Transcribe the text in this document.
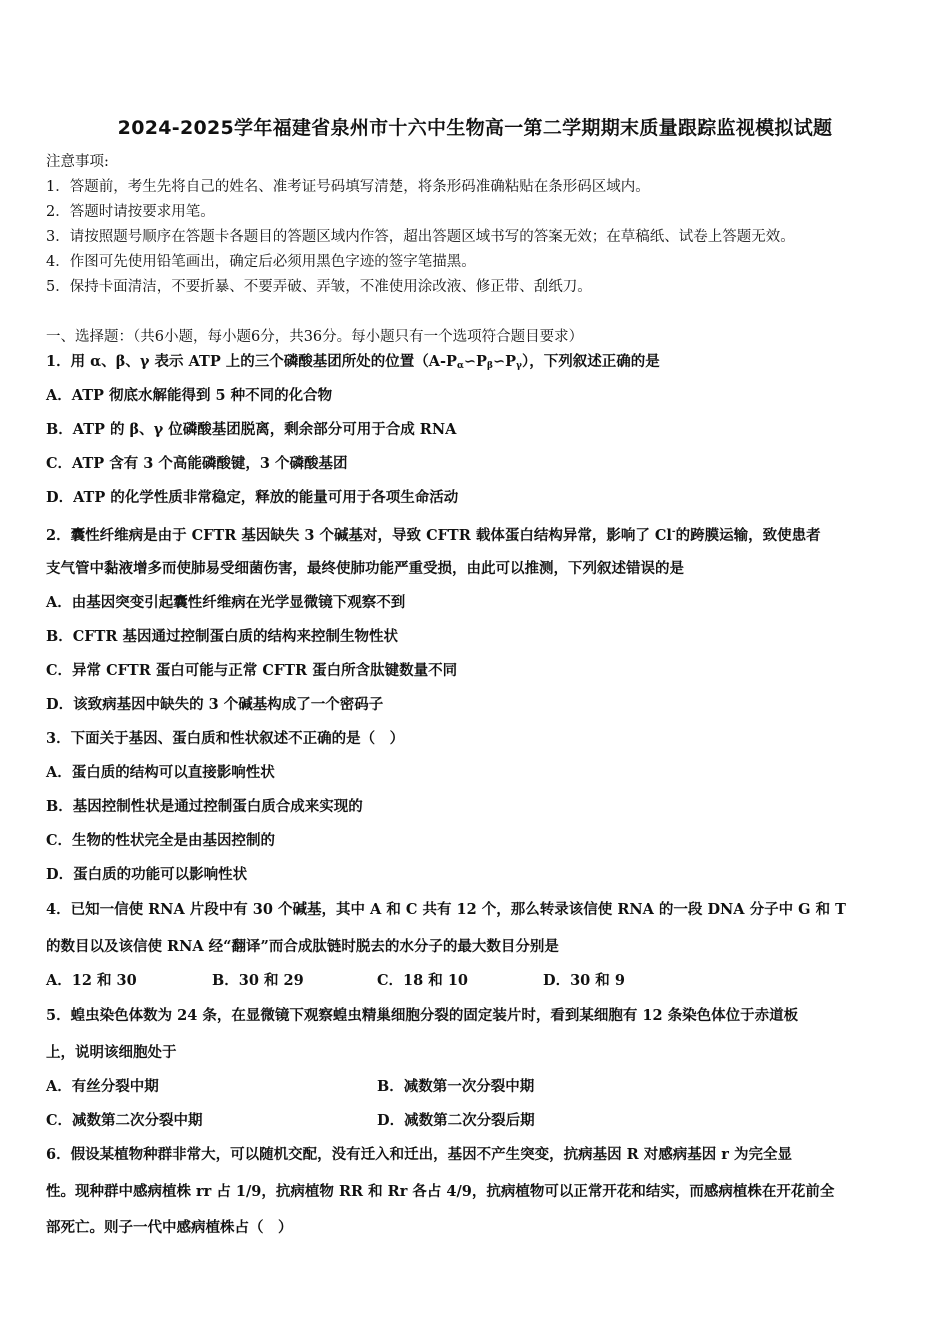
2024-2025学年福建省泉州市十六中生物高一第二学期期末质量跟踪监视模拟试题
注意事项:
1．答题前，考生先将自己的姓名、准考证号码填写清楚，将条形码准确粘贴在条形码区域内。
2．答题时请按要求用笔。
3．请按照题号顺序在答题卡各题目的答题区域内作答，超出答题区域书写的答案无效；在草稿纸、试卷上答题无效。
4．作图可先使用铅笔画出，确定后必须用黑色字迹的签字笔描黑。
5．保持卡面清洁，不要折暴、不要弄破、弄皱，不准使用涂改液、修正带、刮纸刀。
一、选择题：（共6小题，每小题6分，共36分。每小题只有一个选项符合题目要求）
1．用 α、β、γ 表示 ATP 上的三个磷酸基团所处的位置$(A-P_\alpha∽P_\beta∽P_\gamma)$，下列叙述正确的是
A．ATP 彻底水解能得到 5 种不同的化合物
B．ATP 的 β、γ 位磷酸基团脱离，剩余部分可用于合成 RNA
C．ATP 含有 3 个高能磷酸键，3 个磷酸基团
D．ATP 的化学性质非常稳定，释放的能量可用于各项生命活动
2．囊性纤维病是由于 CFTR 基因缺失 3 个碱基对，导致 CFTR 载体蛋白结构异常，影响了 Cl-的跨膜运输，致使患者
支气管中黏液增多而使肺易受细菌伤害，最终使肺功能严重受损，由此可以推测，下列叙述错误的是
A．由基因突变引起囊性纤维病在光学显微镜下观察不到
B．CFTR 基因通过控制蛋白质的结构来控制生物性状
C．异常 CFTR 蛋白可能与正常 CFTR 蛋白所含肽键数量不同
D．该致病基因中缺失的 3 个碱基构成了一个密码子
3．下面关于基因、蛋白质和性状叙述不正确的是（　）
A．蛋白质的结构可以直接影响性状
B．基因控制性状是通过控制蛋白质合成来实现的
C．生物的性状完全是由基因控制的
D．蛋白质的功能可以影响性状
4．已知一信使 RNA 片段中有 30 个碱基，其中 A 和 C 共有 12 个，那么转录该信使 RNA 的一段 DNA 分子中 G 和 T
的数目以及该信使 RNA 经“翻译”而合成肽链时脱去的水分子的最大数目分别是
A．12 和 30	B．30 和 29	C．18 和 10	D．30 和 9
5．蝗虫染色体数为 24 条，在显微镜下观察蝗虫精巢细胞分裂的固定装片时，看到某细胞有 12 条染色体位于赤道板
上，说明该细胞处于
A．有丝分裂中期	B．减数第一次分裂中期
C．减数第二次分裂中期	D．减数第二次分裂后期
6．假设某植物种群非常大，可以随机交配，没有迁入和迁出，基因不产生突变，抗病基因 R 对感病基因 r 为完全显
性。现种群中感病植株 rr 占 1/9，抗病植物 RR 和 Rr 各占 4/9，抗病植物可以正常开花和结实，而感病植株在开花前全
部死亡。则子一代中感病植株占（　）
